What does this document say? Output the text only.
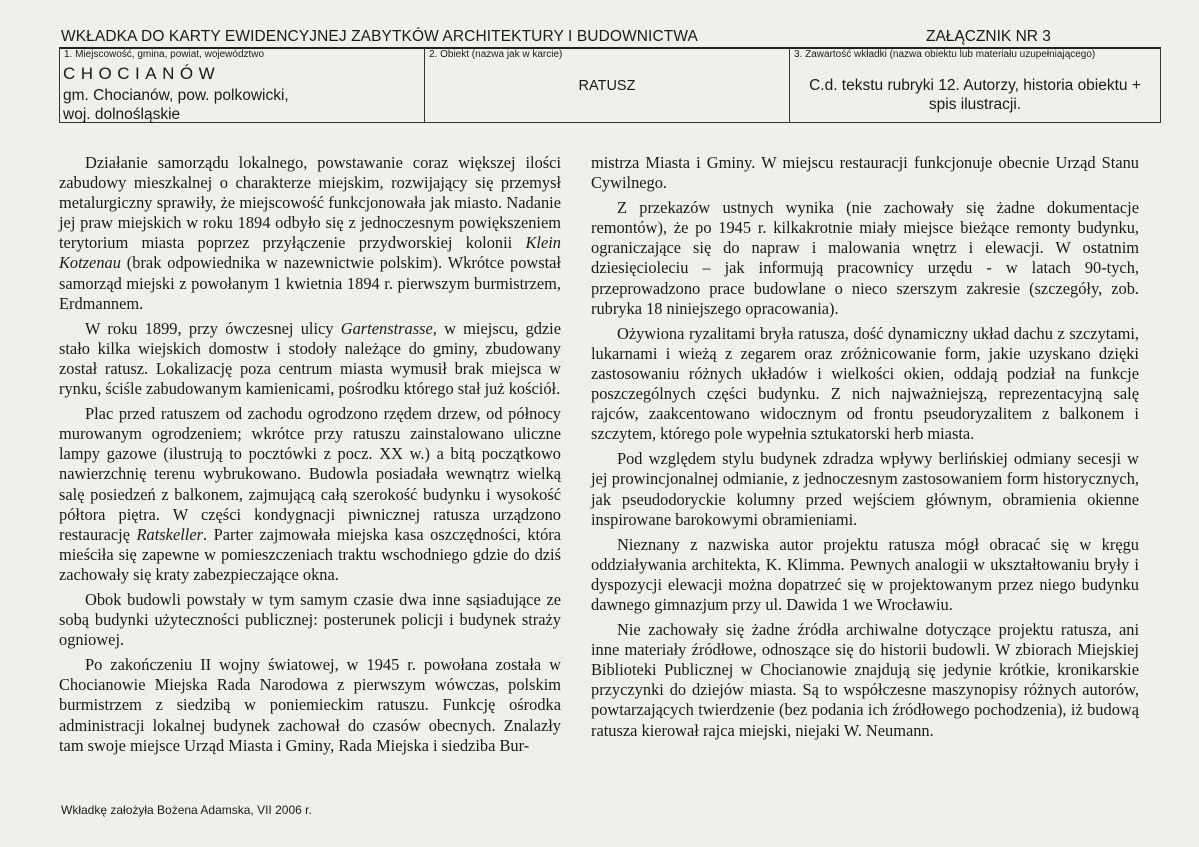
WKŁADKA DO KARTY EWIDENCYJNEJ ZABYTKÓW ARCHITEKTURY I BUDOWNICTWA	ZAŁĄCZNIK NR 3
1. Miejscowość, gmina, powiat, województwo
CHOCIANÓW
gm. Chocianów, pow. polkowicki,
woj. dolnośląskie
2. Obiekt (nazwa jak w karcie)
RATUSZ
3. Zawartość wkładki (nazwa obiektu lub materiału uzupełniającego)
C.d. tekstu rubryki 12. Autorzy, historia obiektu + spis ilustracji.

Działanie samorządu lokalnego, powstawanie coraz większej ilości zabudowy mieszkalnej o charakterze miejskim, rozwijający się przemysł metalurgiczny sprawiły, że miejscowość funkcjonowała jak miasto. Nadanie jej praw miejskich w roku 1894 odbyło się z jednoczesnym powiększeniem terytorium miasta poprzez przyłączenie przydworskiej kolonii Klein Kotzenau (brak odpowiednika w nazewnictwie polskim). Wkrótce powstał samorząd miejski z powołanym 1 kwietnia 1894 r. pierwszym burmistrzem, Erdmannem.

W roku 1899, przy ówczesnej ulicy Gartenstrasse, w miejscu, gdzie stało kilka wiejskich domostw i stodoły należące do gminy, zbudowany został ratusz. Lokalizację poza centrum miasta wymusił brak miejsca w rynku, ściśle zabudowanym kamienicami, pośrodku którego stał już kościół.

Plac przed ratuszem od zachodu ogrodzono rzędem drzew, od północy murowanym ogrodzeniem; wkrótce przy ratuszu zainstalowano uliczne lampy gazowe (ilustrują to pocztówki z pocz. XX w.) a bitą początkowo nawierzchnię terenu wybrukowano. Budowla posiadała wewnątrz wielką salę posiedzeń z balkonem, zajmującą całą szerokość budynku i wysokość półtora piętra. W części kondygnacji piwnicznej ratusza urządzono restaurację Ratskeller. Parter zajmowała miejska kasa oszczędności, która mieściła się zapewne w pomieszczeniach traktu wschodniego gdzie do dziś zachowały się kraty zabezpieczające okna.

Obok budowli powstały w tym samym czasie dwa inne sąsiadujące ze sobą budynki użyteczności publicznej: posterunek policji i budynek straży ogniowej.

Po zakończeniu II wojny światowej, w 1945 r. powołana została w Chocianowie Miejska Rada Narodowa z pierwszym wówczas, polskim burmistrzem z siedzibą w poniemieckim ratuszu. Funkcję ośrodka administracji lokalnej budynek zachował do czasów obecnych. Znalazły tam swoje miejsce Urząd Miasta i Gminy, Rada Miejska i siedziba Bur-

mistrza Miasta i Gminy. W miejscu restauracji funkcjonuje obecnie Urząd Stanu Cywilnego.

Z przekazów ustnych wynika (nie zachowały się żadne dokumentacje remontów), że po 1945 r. kilkakrotnie miały miejsce bieżące remonty budynku, ograniczające się do napraw i malowania wnętrz i elewacji. W ostatnim dziesięcioleciu – jak informują pracownicy urzędu - w latach 90-tych, przeprowadzono prace budowlane o nieco szerszym zakresie (szczegóły, zob. rubryka 18 niniejszego opracowania).

Ożywiona ryzalitami bryła ratusza, dość dynamiczny układ dachu z szczytami, lukarnami i wieżą z zegarem oraz zróżnicowanie form, jakie uzyskano dzięki zastosowaniu różnych układów i wielkości okien, oddają podział na funkcje poszczególnych części budynku. Z nich najważniejszą, reprezentacyjną salę rajców, zaakcentowano widocznym od frontu pseudoryzalitem z balkonem i szczytem, którego pole wypełnia sztukatorski herb miasta.

Pod względem stylu budynek zdradza wpływy berlińskiej odmiany secesji w jej prowincjonalnej odmianie, z jednoczesnym zastosowaniem form historycznych, jak pseudodoryckie kolumny przed wejściem głównym, obramienia okienne inspirowane barokowymi obramieniami.

Nieznany z nazwiska autor projektu ratusza mógł obracać się w kręgu oddziaływania architekta, K. Klimma. Pewnych analogii w ukształtowaniu bryły i dyspozycji elewacji można dopatrzeć się w projektowanym przez niego budynku dawnego gimnazjum przy ul. Dawida 1 we Wrocławiu.

Nie zachowały się żadne źródła archiwalne dotyczące projektu ratusza, ani inne materiały źródłowe, odnoszące się do historii budowli. W zbiorach Miejskiej Biblioteki Publicznej w Chocianowie znajdują się jedynie krótkie, kronikarskie przyczynki do dziejów miasta. Są to współczesne maszynopisy różnych autorów, powtarzających twierdzenie (bez podania ich źródłowego pochodzenia), iż budową ratusza kierował rajca miejski, niejaki W. Neumann.

Wkładkę założyła Bożena Adamska, VII 2006 r.
